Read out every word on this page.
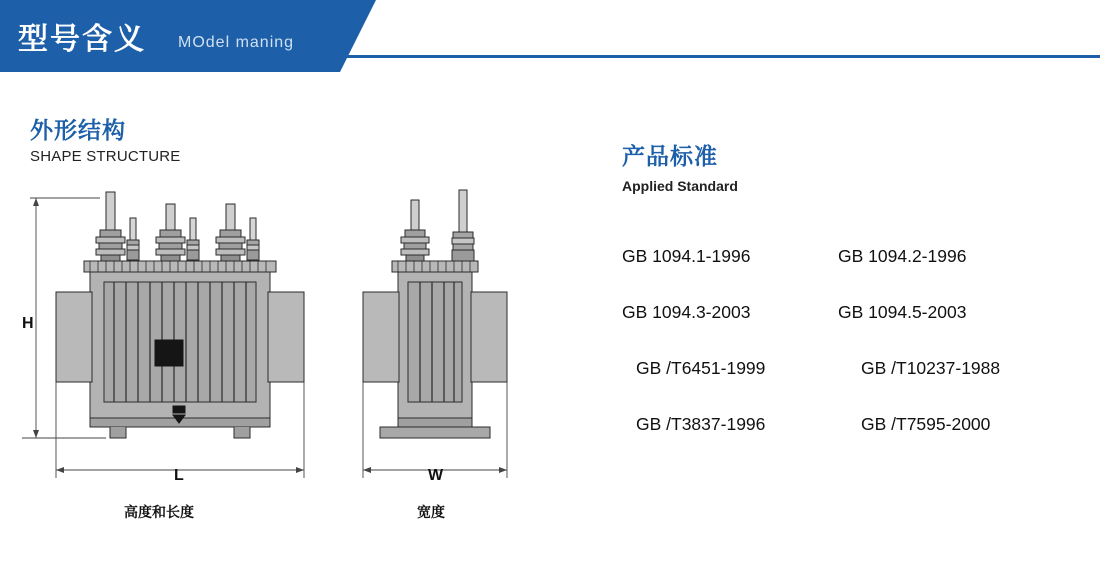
型号含义 MOdel maning
外形结构
SHAPE STRUCTURE	产品标准
Applied Standard
GB 1094.1-1996	GB 1094.2-1996
GB 1094.3-2003	GB 1094.5-2003
GB /T6451-1999	GB /T10237-1988
GB /T3837-1996	GB /T7595-2000
H
L	W
高度和长度	宽度
